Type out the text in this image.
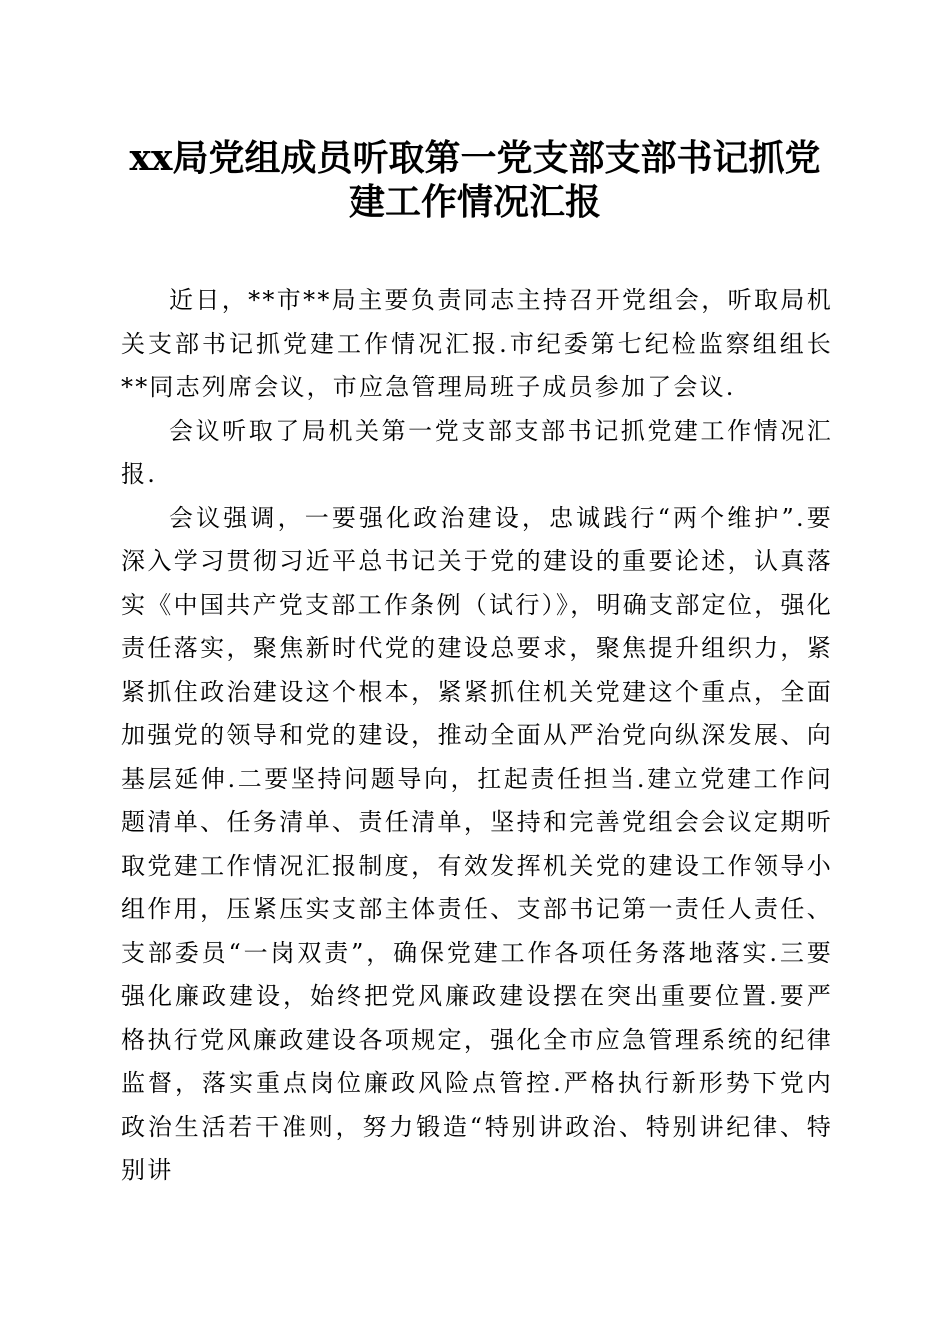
xx局党组成员听取第一党支部支部书记抓党
建工作情况汇报

近日，**市**局主要负责同志主持召开党组会，听取局机关支部书记抓党建工作情况汇报.市纪委第七纪检监察组组长**同志列席会议，市应急管理局班子成员参加了会议.

会议听取了局机关第一党支部支部书记抓党建工作情况汇报.

会议强调，一要强化政治建设，忠诚践行“两个维护”.要深入学习贯彻习近平总书记关于党的建设的重要论述，认真落实《中国共产党支部工作条例（试行）》，明确支部定位，强化责任落实，聚焦新时代党的建设总要求，聚焦提升组织力，紧紧抓住政治建设这个根本，紧紧抓住机关党建这个重点，全面加强党的领导和党的建设，推动全面从严治党向纵深发展、向基层延伸.二要坚持问题导向，扛起责任担当.建立党建工作问题清单、任务清单、责任清单，坚持和完善党组会会议定期听取党建工作情况汇报制度，有效发挥机关党的建设工作领导小组作用，压紧压实支部主体责任、支部书记第一责任人责任、支部委员“一岗双责”，确保党建工作各项任务落地落实.三要强化廉政建设，始终把党风廉政建设摆在突出重要位置.要严格执行党风廉政建设各项规定，强化全市应急管理系统的纪律监督，落实重点岗位廉政风险点管控.严格执行新形势下党内政治生活若干准则，努力锻造“特别讲政治、特别讲纪律、特别讲
